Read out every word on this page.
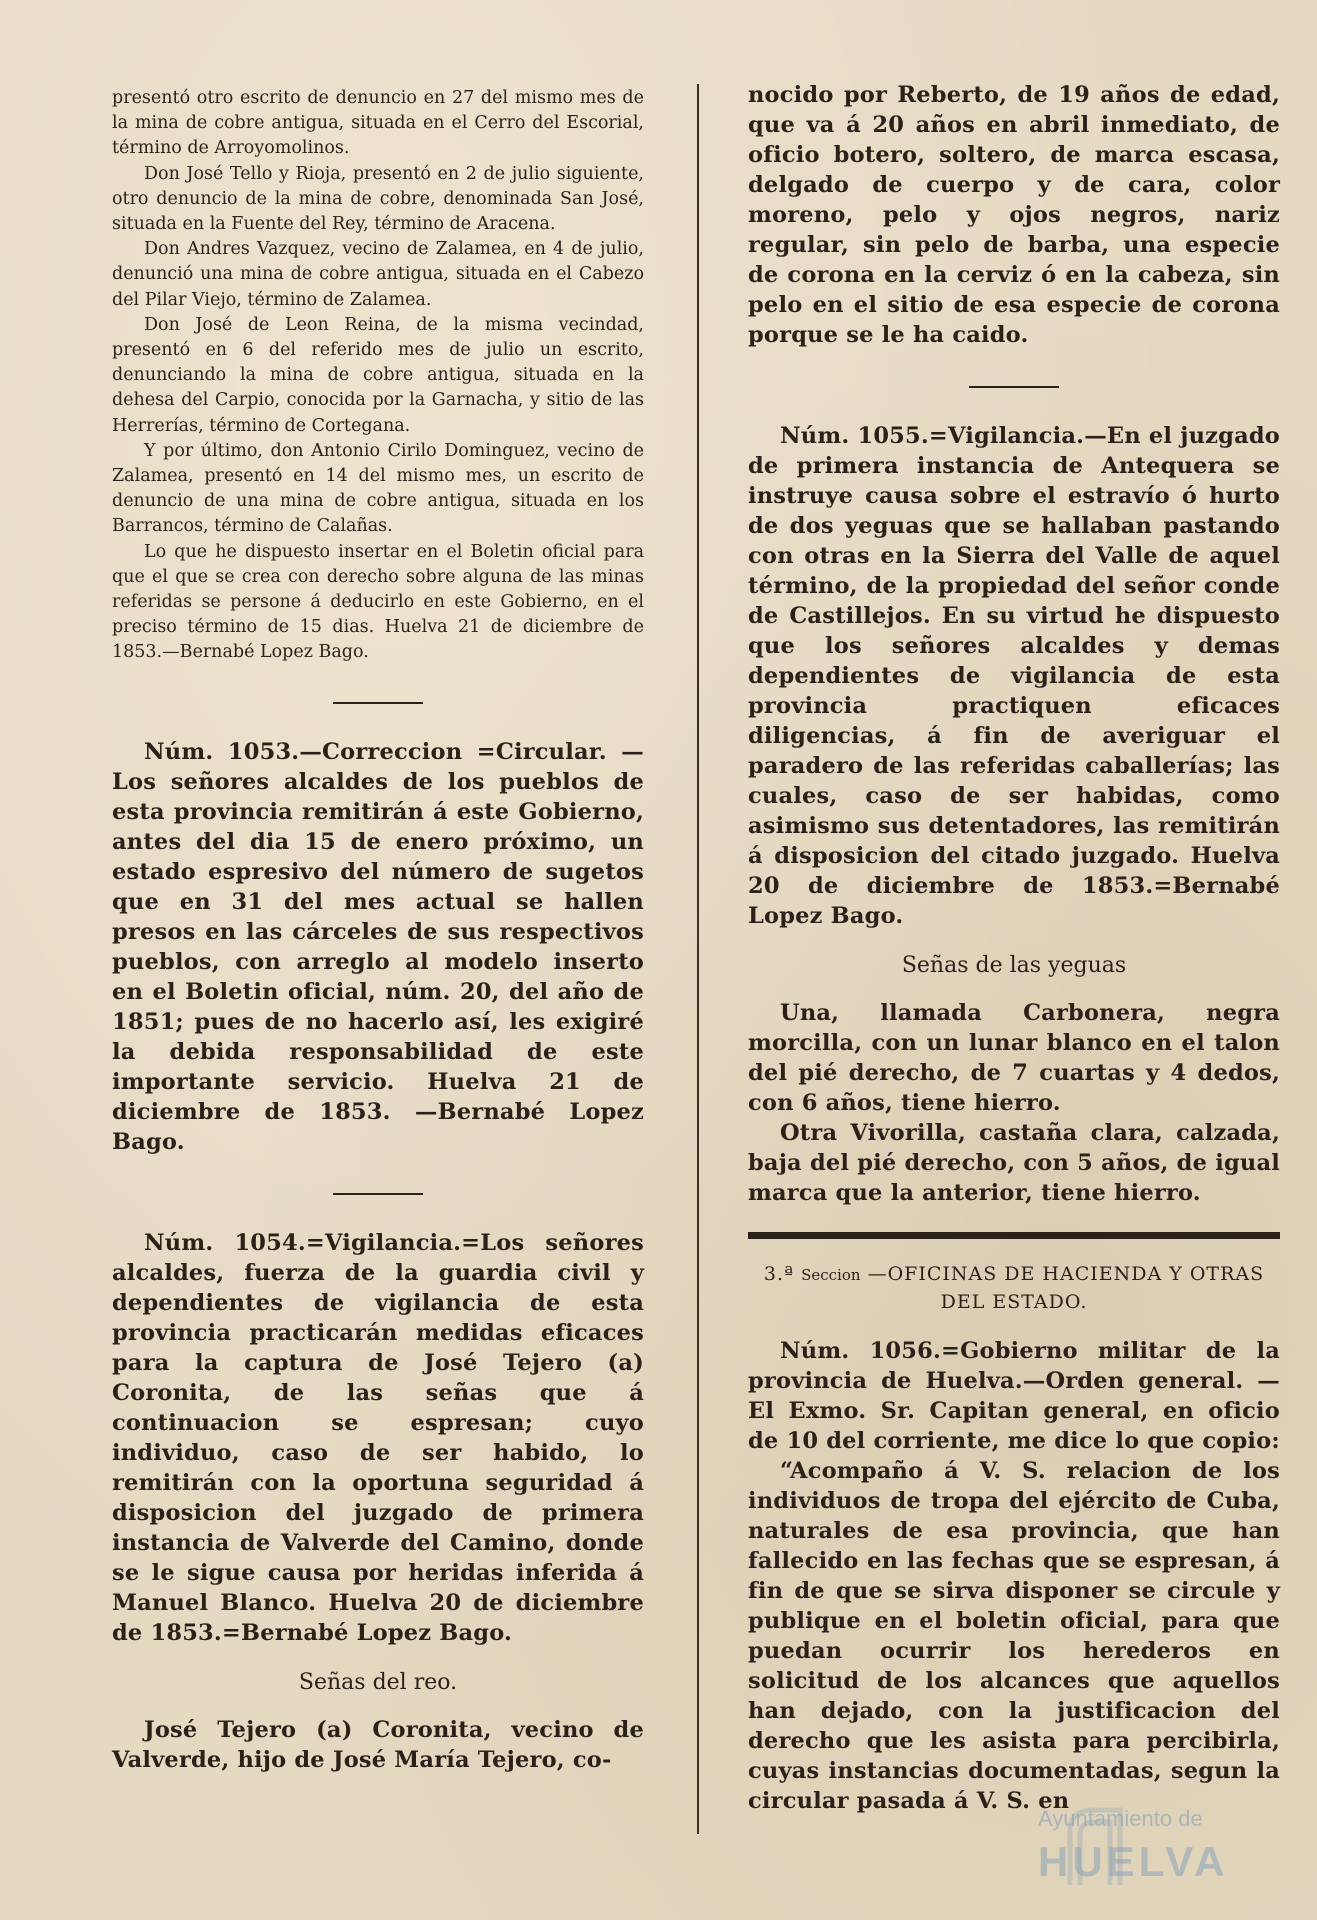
presentó otro escrito de denuncio en 27 del mismo mes de la mina de cobre antigua, situada en el Cerro del Escorial, término de Arroyomolinos.

Don José Tello y Rioja, presentó en 2 de julio siguiente, otro denuncio de la mina de cobre, denominada San José, situada en la Fuente del Rey, término de Aracena.

Don Andres Vazquez, vecino de Zalamea, en 4 de julio, denunció una mina de cobre antigua, situada en el Cabezo del Pilar Viejo, término de Zalamea.

Don José de Leon Reina, de la misma vecindad, presentó en 6 del referido mes de julio un escrito, denunciando la mina de cobre antigua, situada en la dehesa del Carpio, conocida por la Garnacha, y sitio de las Herrerías, término de Cortegana.

Y por último, don Antonio Cirilo Dominguez, vecino de Zalamea, presentó en 14 del mismo mes, un escrito de denuncio de una mina de cobre antigua, situada en los Barrancos, término de Calañas.

Lo que he dispuesto insertar en el Boletin oficial para que el que se crea con derecho sobre alguna de las minas referidas se persone á deducirlo en este Gobierno, en el preciso término de 15 dias. Huelva 21 de diciembre de 1853.—Bernabé Lopez Bago.

Núm. 1053.—Correccion =Circular. —Los señores alcaldes de los pueblos de esta provincia remitirán á este Gobierno, antes del dia 15 de enero próximo, un estado espresivo del número de sugetos que en 31 del mes actual se hallen presos en las cárceles de sus respectivos pueblos, con arreglo al modelo inserto en el Boletin oficial, núm. 20, del año de 1851; pues de no hacerlo así, les exigiré la debida responsabilidad de este importante servicio. Huelva 21 de diciembre de 1853. —Bernabé Lopez Bago.

Núm. 1054.=Vigilancia.=Los señores alcaldes, fuerza de la guardia civil y dependientes de vigilancia de esta provincia practicarán medidas eficaces para la captura de José Tejero (a) Coronita, de las señas que á continuacion se espresan; cuyo individuo, caso de ser habido, lo remitirán con la oportuna seguridad á disposicion del juzgado de primera instancia de Valverde del Camino, donde se le sigue causa por heridas inferida á Manuel Blanco. Huelva 20 de diciembre de 1853.=Bernabé Lopez Bago.

Señas del reo.

José Tejero (a) Coronita, vecino de Valverde, hijo de José María Tejero, co-

nocido por Reberto, de 19 años de edad, que va á 20 años en abril inmediato, de oficio botero, soltero, de marca escasa, delgado de cuerpo y de cara, color moreno, pelo y ojos negros, nariz regular, sin pelo de barba, una especie de corona en la cerviz ó en la cabeza, sin pelo en el sitio de esa especie de corona porque se le ha caido.

Núm. 1055.=Vigilancia.—En el juzgado de primera instancia de Antequera se instruye causa sobre el estravío ó hurto de dos yeguas que se hallaban pastando con otras en la Sierra del Valle de aquel término, de la propiedad del señor conde de Castillejos. En su virtud he dispuesto que los señores alcaldes y demas dependientes de vigilancia de esta provincia practiquen eficaces diligencias, á fin de averiguar el paradero de las referidas caballerías; las cuales, caso de ser habidas, como asimismo sus detentadores, las remitirán á disposicion del citado juzgado. Huelva 20 de diciembre de 1853.=Bernabé Lopez Bago.

Señas de las yeguas

Una, llamada Carbonera, negra morcilla, con un lunar blanco en el talon del pié derecho, de 7 cuartas y 4 dedos, con 6 años, tiene hierro.

Otra Vivorilla, castaña clara, calzada, baja del pié derecho, con 5 años, de igual marca que la anterior, tiene hierro.

3.ª Seccion —OFICINAS DE HACIENDA Y OTRAS DEL ESTADO.

Núm. 1056.=Gobierno militar de la provincia de Huelva.—Orden general. —El Exmo. Sr. Capitan general, en oficio de 10 del corriente, me dice lo que copio:

“Acompaño á V. S. relacion de los individuos de tropa del ejército de Cuba, naturales de esa provincia, que han fallecido en las fechas que se espresan, á fin de que se sirva disponer se circule y publique en el boletin oficial, para que puedan ocurrir los herederos en solicitud de los alcances que aquellos han dejado, con la justificacion del derecho que les asista para percibirla, cuyas instancias documentadas, segun la circular pasada á V. S. en

Ayuntamiento de
HUELVA
